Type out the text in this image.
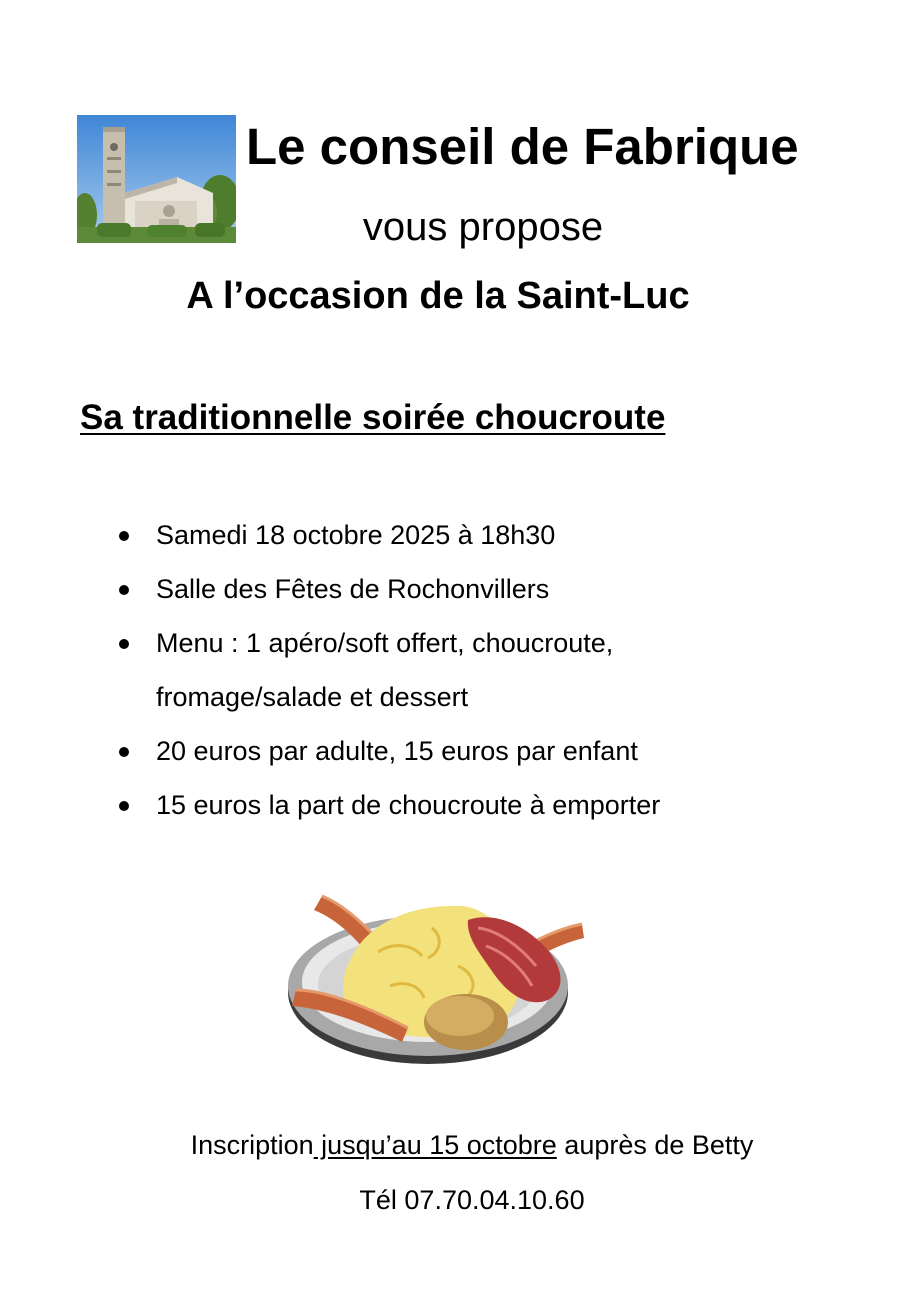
Le conseil de Fabrique
vous propose
A l’occasion de la Saint-Luc
Sa traditionnelle soirée choucroute
Samedi 18 octobre 2025 à 18h30
Salle des Fêtes de Rochonvillers
Menu : 1 apéro/soft offert, choucroute, fromage/salade et dessert
20 euros par adulte, 15 euros par enfant
15 euros la part de choucroute à emporter
Inscription jusqu’au 15 octobre auprès de Betty
Tél 07.70.04.10.60
